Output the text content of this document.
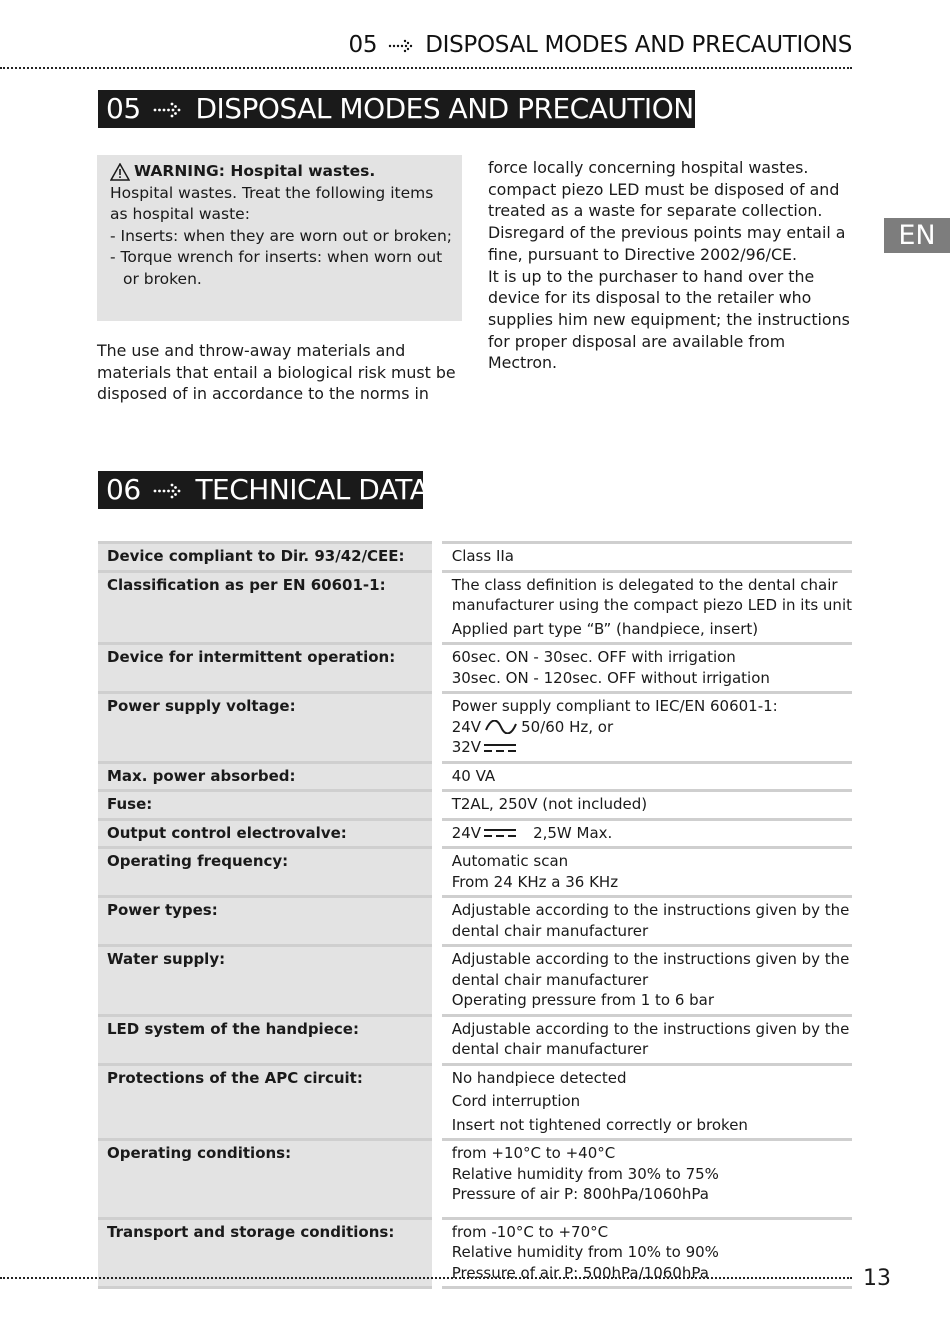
05 DISPOSAL MODES AND PRECAUTIONS
05 DISPOSAL MODES AND PRECAUTIONS
EN
WARNING: Hospital wastes.
Hospital wastes. Treat the following items as hospital waste:
- Inserts: when they are worn out or broken;
- Torque wrench for inserts: when worn out or broken.
The use and throw-away materials and materials that entail a biological risk must be disposed of in accordance to the norms in
force locally concerning hospital wastes.
compact piezo LED must be disposed of and treated as a waste for separate collection.
Disregard of the previous points may entail a fine, pursuant to Directive 2002/96/CE.
It is up to the purchaser to hand over the device for its disposal to the retailer who supplies him new equipment; the instructions for proper disposal are available from Mectron.
06 TECHNICAL DATA
Device compliant to Dir. 93/42/CEE:	Class IIa

Classification as per EN 60601-1:	The class definition is delegated to the dental chair
manufacturer using the compact piezo LED in its unit
Applied part type “B” (handpiece, insert)

Device for intermittent operation:	60sec. ON - 30sec. OFF with irrigation
30sec. ON - 120sec. OFF without irrigation

Power supply voltage:	Power supply compliant to IEC/EN 60601-1:
24V 50/60 Hz, or
32V

Max. power absorbed:	40 VA

Fuse:	T2AL, 250V (not included)

Output control electrovalve:	24V 2,5W Max.

Operating frequency:	Automatic scan
From 24 KHz a 36 KHz

Power types:	Adjustable according to the instructions given by the
dental chair manufacturer

Water supply:	Adjustable according to the instructions given by the
dental chair manufacturer
Operating pressure from 1 to 6 bar

LED system of the handpiece:	Adjustable according to the instructions given by the
dental chair manufacturer

Protections of the APC circuit:	No handpiece detected
Cord interruption
Insert not tightened correctly or broken

Operating conditions:	from +10°C to +40°C
Relative humidity from 30% to 75%
Pressure of air P: 800hPa/1060hPa

Transport and storage conditions:	from -10°C to +70°C
Relative humidity from 10% to 90%
Pressure of air P: 500hPa/1060hPa	13
